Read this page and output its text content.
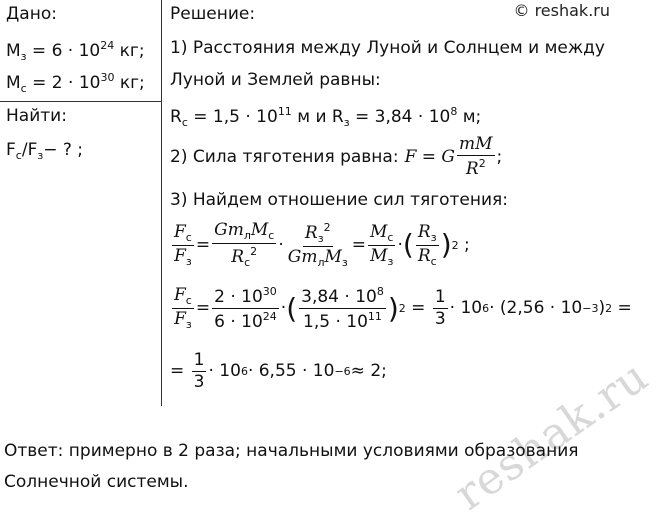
© reshak.ru
reshak.ru
Дано:
$M_з = 6 \cdot 10^{24}$ кг;
$M_с = 2 \cdot 10^{30}$ кг;
Найти:
$F_с/F_з-$ ? ;
Решение:
1) Расстояния между Луной и Солнцем и между
Луной и Землей равны:
$R_с = 1,5 \cdot 10^{11}$ м и $R_з = 3,84 \cdot 10^8$ м;
2) Сила тяготения равна: F = G $\frac{mM}{R^2}$ ;
3) Найдем отношение сил тяготения:
$\frac{F_с}{F_з} = \frac{Gm_лM_с}{R_с^2} \cdot \frac{R_з^2}{Gm_лM_з} = \frac{M_с}{M_з}$ · ( $\frac{R_з}{R_с}$ ) 2 ;
$\frac{F_с}{F_з} = \frac{2 \cdot 10^{30}}{6 \cdot 10^{24}}$ · ( $\frac{3,84 \cdot 10^8}{1,5 \cdot 10^{11}}$ ) $2 = \frac{1}{3} \cdot 10$ 6 · (2,56 · 10 −3 ) 2 =
= $\frac{1}{3} \cdot 10$ 6 · 6,55 · 10 −6 ≈ 2;
Ответ: примерно в 2 раза; начальными условиями образования
Солнечной системы.
